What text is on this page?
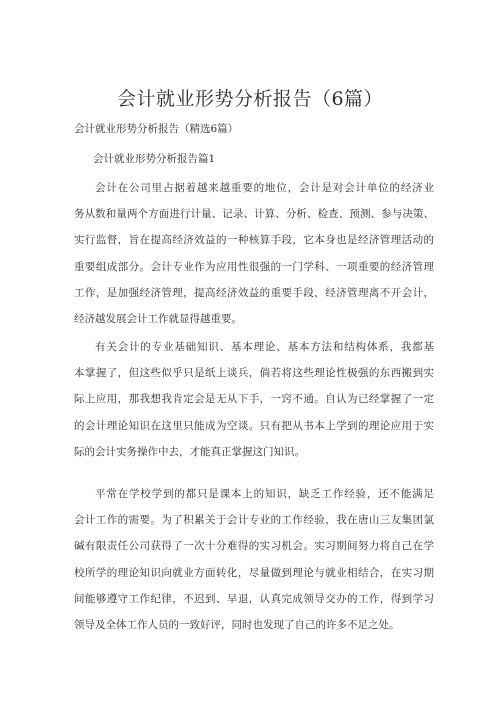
会计就业形势分析报告（6篇）
会计就业形势分析报告（精选6篇）
会计就业形势分析报告篇1
会计在公司里占据着越来越重要的地位，会计是对会计单位的经济业
务从数和量两个方面进行计量、记录、计算、分析、检查、预测、参与决策、
实行监督，旨在提高经济效益的一种核算手段，它本身也是经济管理活动的
重要组成部分。会计专业作为应用性很强的一门学科、一项重要的经济管理
工作，是加强经济管理，提高经济效益的重要手段，经济管理离不开会计，
经济越发展会计工作就显得越重要。
有关会计的专业基础知识、基本理论、基本方法和结构体系，我都基
本掌握了，但这些似乎只是纸上谈兵，倘若将这些理论性极强的东西搬到实
际上应用，那我想我肯定会是无从下手，一窍不通。自认为已经掌握了一定
的会计理论知识在这里只能成为空谈。只有把从书本上学到的理论应用于实
际的会计实务操作中去，才能真正掌握这门知识。
平常在学校学到的都只是课本上的知识，缺乏工作经验，还不能满足
会计工作的需要。为了积累关于会计专业的工作经验，我在唐山三友集团氯
碱有限责任公司获得了一次十分难得的实习机会。实习期间努力将自己在学
校所学的理论知识向就业方面转化，尽量做到理论与就业相结合，在实习期
间能够遵守工作纪律，不迟到、早退，认真完成领导交办的工作，得到学习
领导及全体工作人员的一致好评，同时也发现了自己的许多不足之处。
